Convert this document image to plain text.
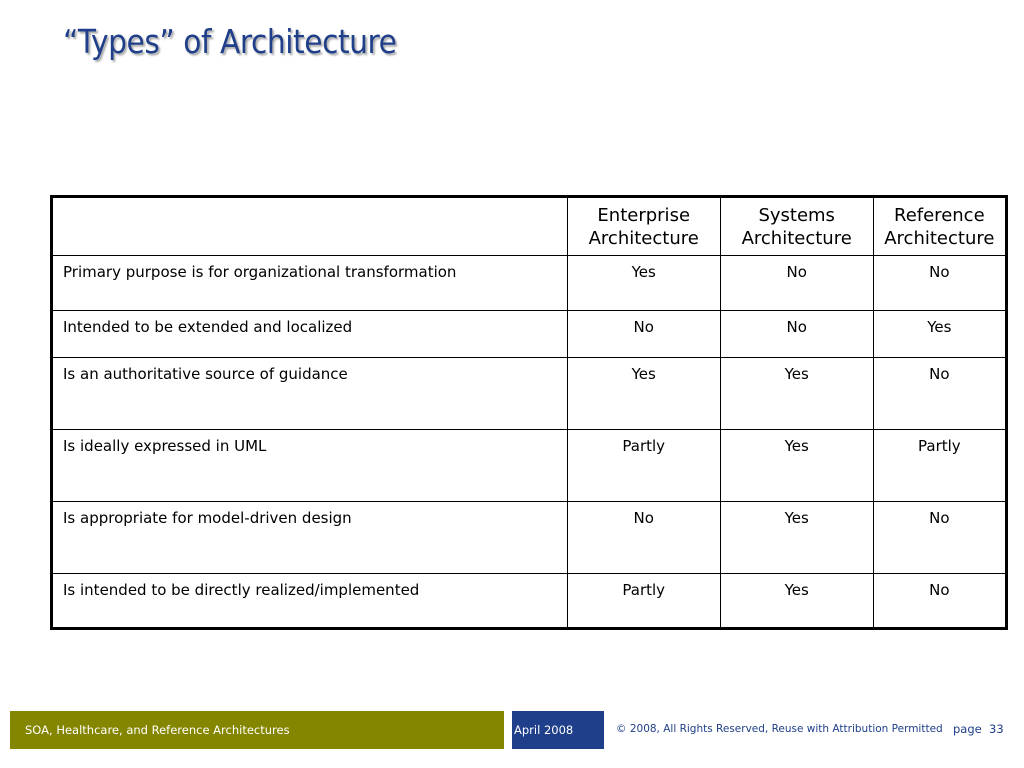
“Types” of Architecture
	Enterprise Architecture	Systems Architecture	Reference Architecture
Primary purpose is for organizational transformation	Yes	No	No
Intended to be extended and localized	No	No	Yes
Is an authoritative source of guidance	Yes	Yes	No
Is ideally expressed in UML	Partly	Yes	Partly
Is appropriate for model-driven design	No	Yes	No
Is intended to be directly realized/implemented	Partly	Yes	No
SOA, Healthcare, and Reference Architectures	April 2008	© 2008, All Rights Reserved, Reuse with Attribution Permitted page 33
